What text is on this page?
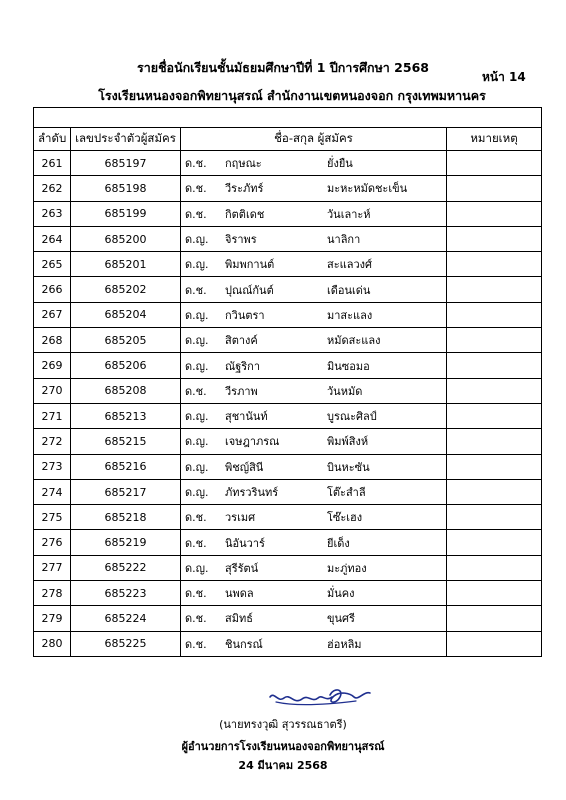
รายชื่อนักเรียนชั้นมัธยมศึกษาปีที่ 1 ปีการศึกษา 2568
หน้า 14
โรงเรียนหนองจอกพิทยานุสรณ์ สำนักงานเขตหนองจอก กรุงเทพมหานคร

ลำดับ	เลขประจำตัวผู้สมัคร	ชื่อ-สกุล ผู้สมัคร	หมายเหตุ
261	685197	ด.ช. กฤษณะ ยั่งยืน	
262	685198	ด.ช. วีระภัทร์ มะหะหมัดชะเข็น	
263	685199	ด.ช. กิตติเดช วันเลาะห์	
264	685200	ด.ญ. จิราพร นาลิกา	
265	685201	ด.ญ. พิมพกานต์ สะแลวงศ์	
266	685202	ด.ช. ปุณณ์กันต์ เดือนเด่น	
267	685204	ด.ญ. กวินตรา มาสะแลง	
268	685205	ด.ญ. สิตางค์ หมัดสะแลง	
269	685206	ด.ญ. ณัฐริกา มินซอมอ	
270	685208	ด.ช. วีรภาพ วันหมัด	
271	685213	ด.ญ. สุชานันท์ บูรณะศิลป์	
272	685215	ด.ญ. เจษฎาภรณ พิมพ์สิงห์	
273	685216	ด.ญ. พิชญ์สินี บินหะซัน	
274	685217	ด.ญ. ภัทรวรินทร์ โต๊ะสำลี	
275	685218	ด.ช. วรเมศ โซ๊ะเฮง	
276	685219	ด.ช. นิอันวาร์ ยีเด็ง	
277	685222	ด.ญ. สุรีรัตน์ มะภู่ทอง	
278	685223	ด.ช. นพดล มั่นคง	
279	685224	ด.ช. สมิทธ์ ขุนศรี	
280	685225	ด.ช. ชินกรณ์ ฮ่อหลิม	
(นายทรงวุฒิ สุวรรณธาตรี)
ผู้อำนวยการโรงเรียนหนองจอกพิทยานุสรณ์
24 มีนาคม 2568
